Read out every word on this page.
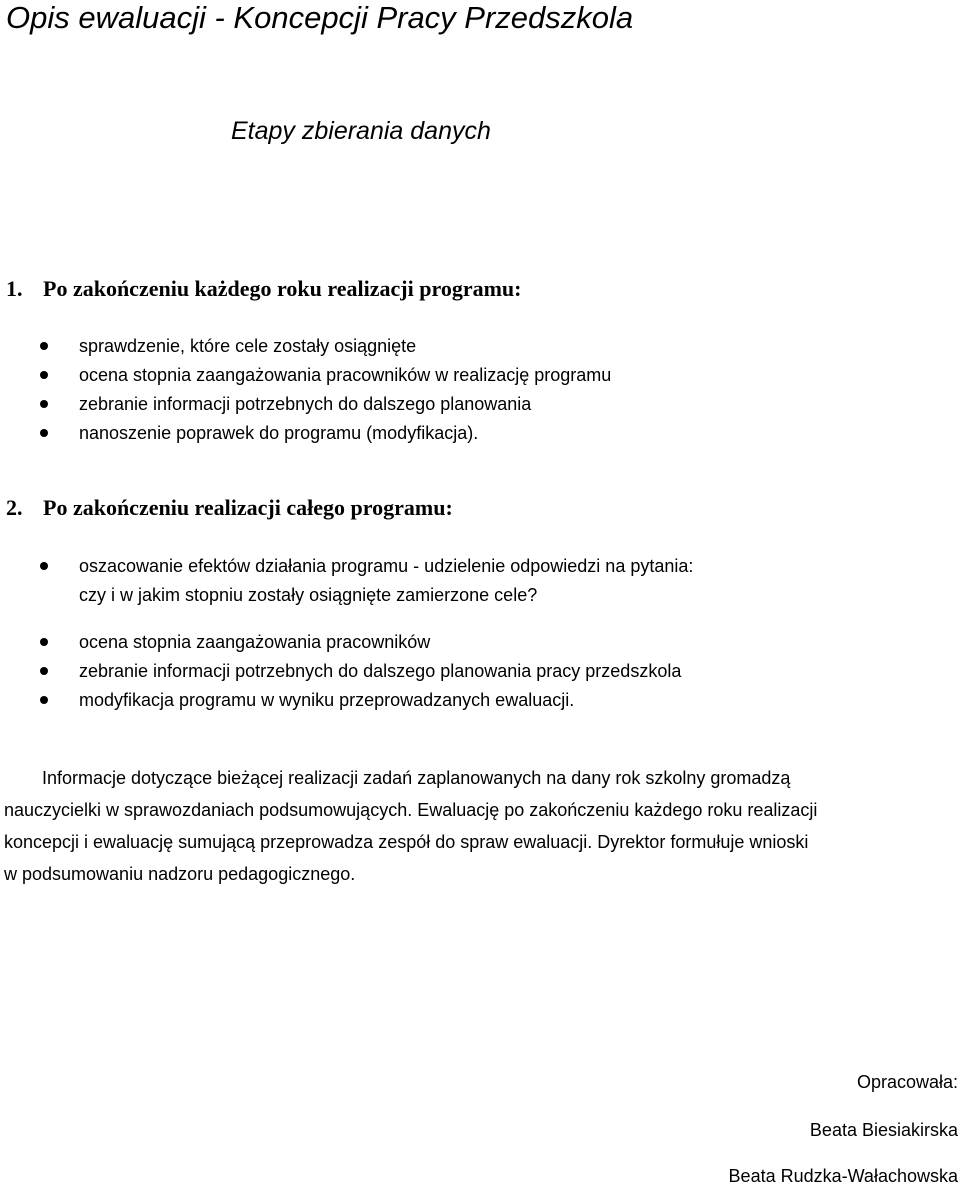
Opis ewaluacji - Koncepcji Pracy Przedszkola
Etapy zbierania danych
1. Po zakończeniu każdego roku realizacji programu:
sprawdzenie, które cele zostały osiągnięte
ocena stopnia zaangażowania pracowników w realizację programu
zebranie informacji potrzebnych do dalszego planowania
nanoszenie poprawek do programu (modyfikacja).
2. Po zakończeniu realizacji całego programu:
oszacowanie efektów działania programu - udzielenie odpowiedzi na pytania:
czy i w jakim stopniu zostały osiągnięte zamierzone cele?
ocena stopnia zaangażowania pracowników
zebranie informacji potrzebnych do dalszego planowania pracy przedszkola
modyfikacja programu w wyniku przeprowadzanych ewaluacji.

Informacje dotyczące bieżącej realizacji zadań zaplanowanych na dany rok szkolny gromadzą
nauczycielki w sprawozdaniach podsumowujących. Ewaluację po zakończeniu każdego roku realizacji
koncepcji i ewaluację sumującą przeprowadza zespół do spraw ewaluacji. Dyrektor formułuje wnioski
w podsumowaniu nadzoru pedagogicznego.

Opracowała:
Beata Biesiakirska
Beata Rudzka-Wałachowska
